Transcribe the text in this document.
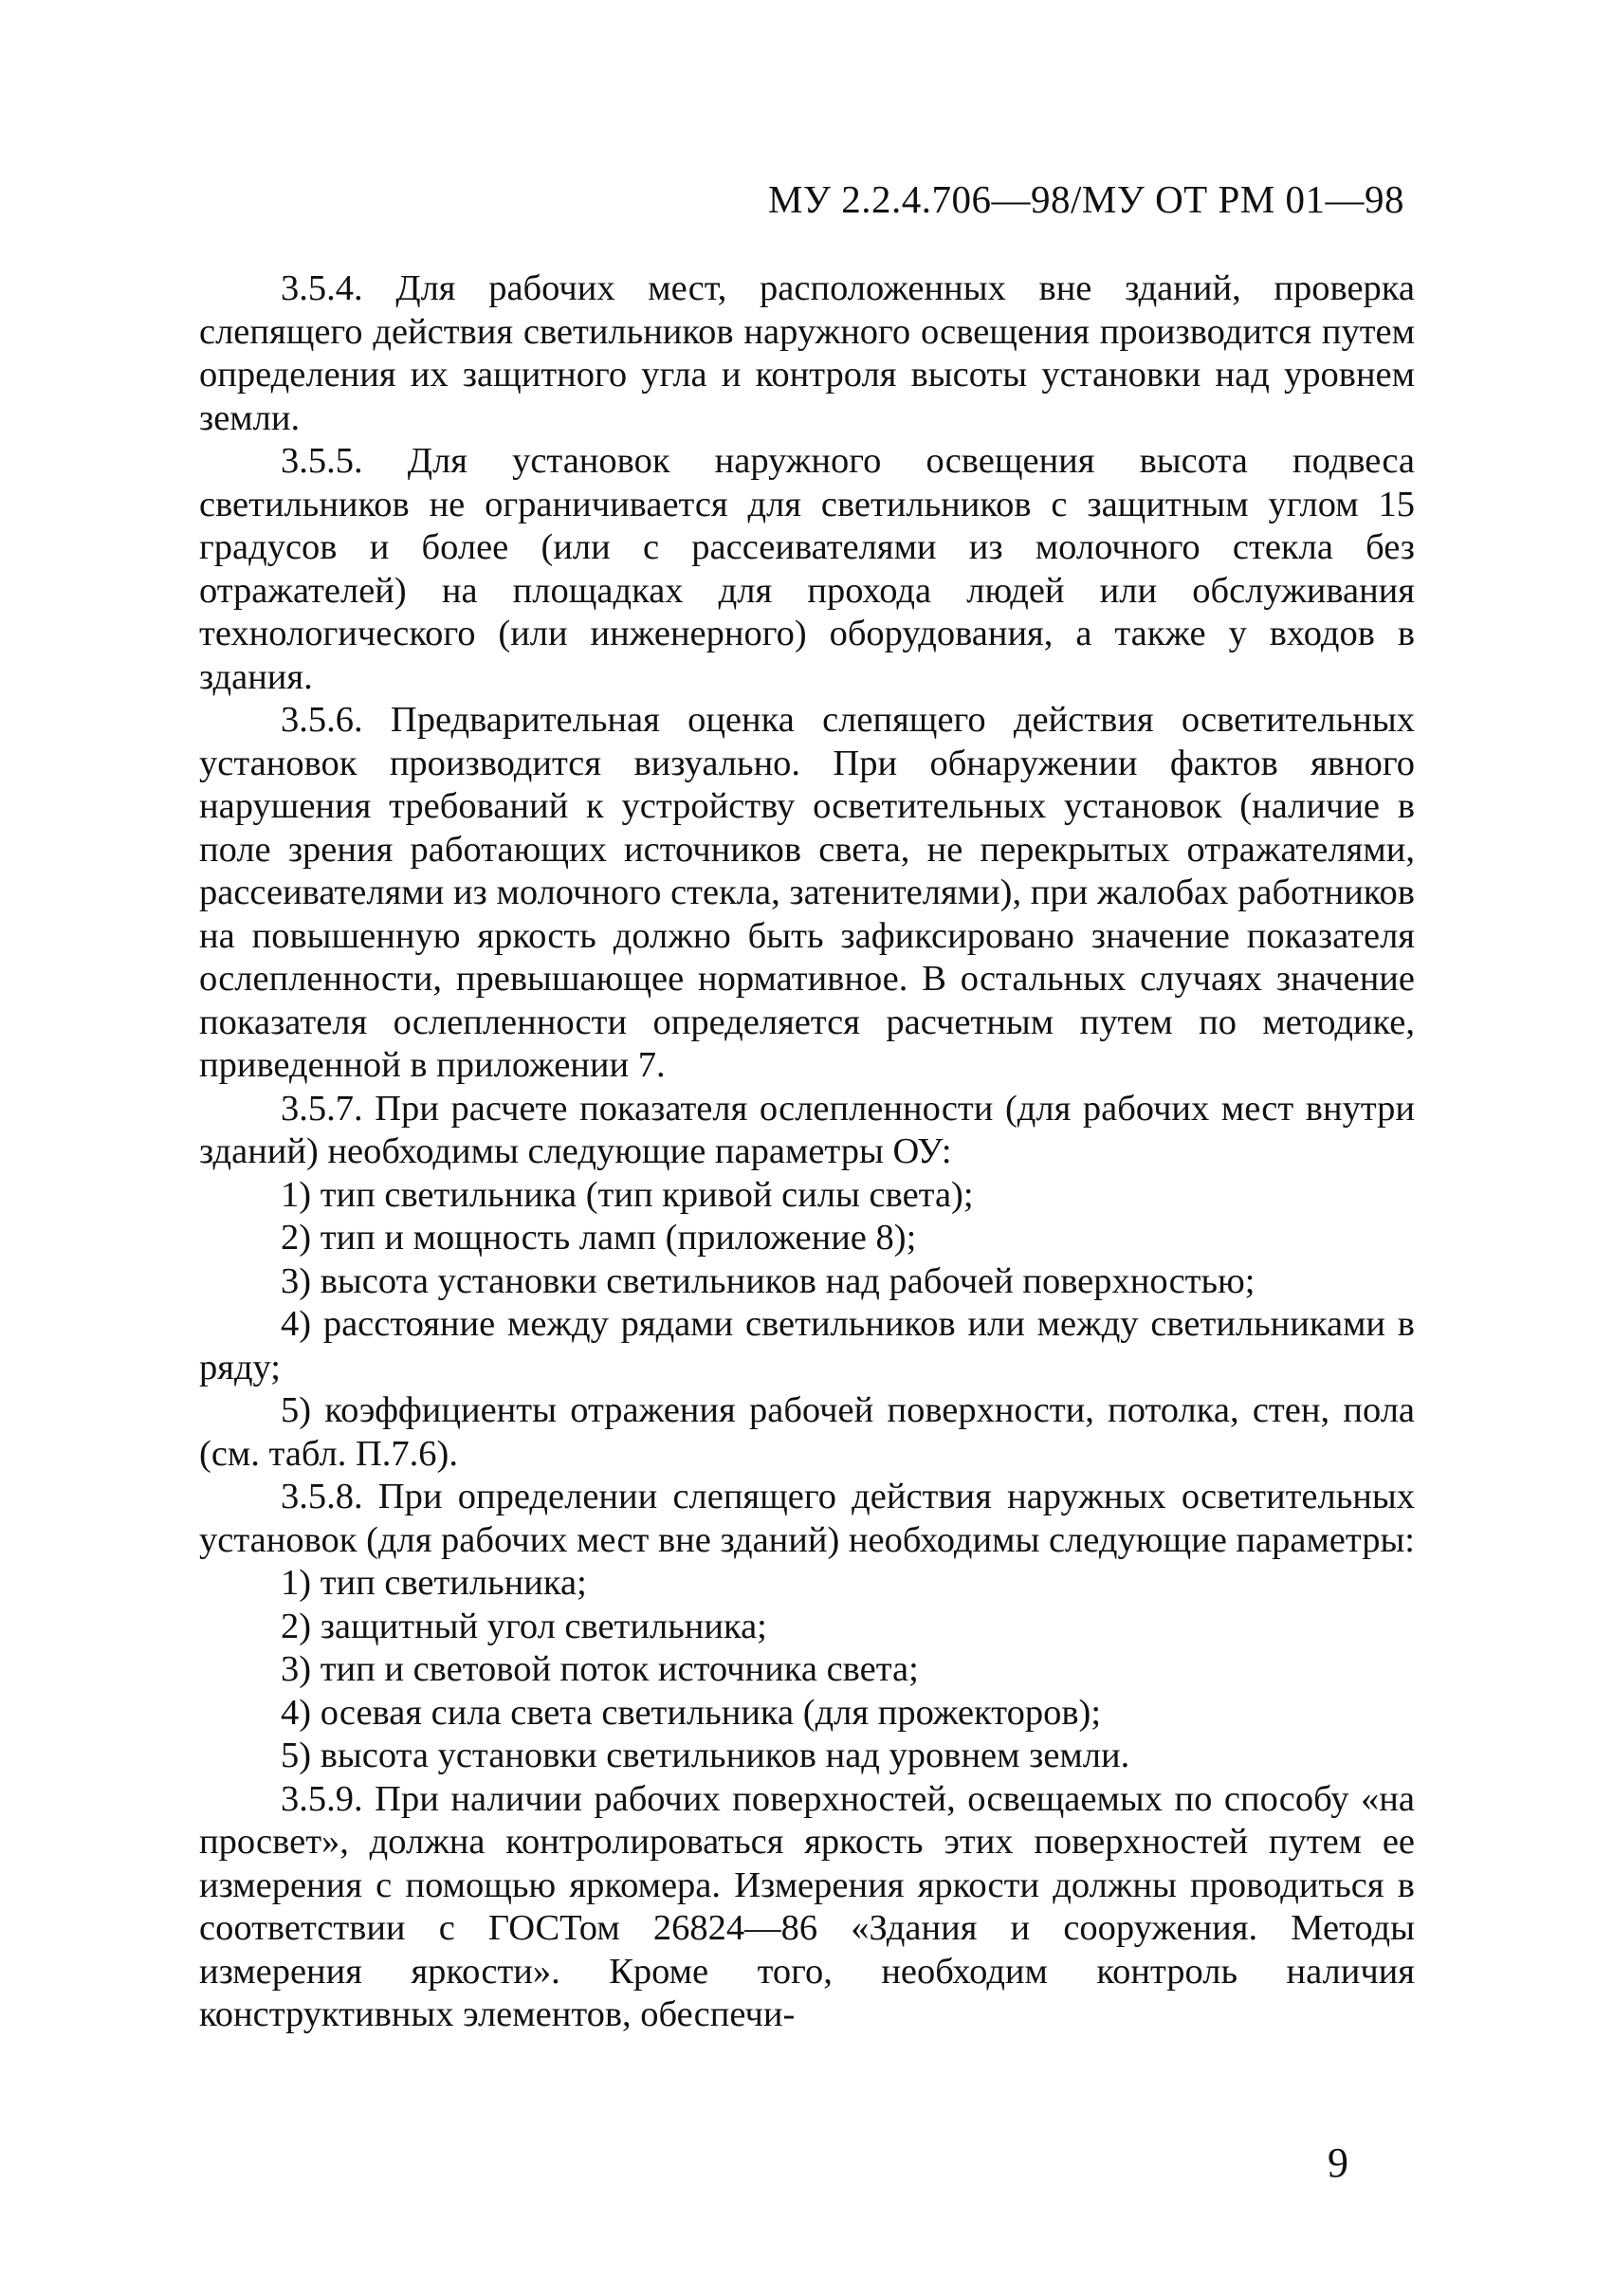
МУ 2.2.4.706—98/МУ ОТ РМ 01—98

3.5.4. Для рабочих мест, расположенных вне зданий, проверка слепящего действия светильников наружного освещения производится путем определения их защитного угла и контроля высоты установки над уровнем земли.

3.5.5. Для установок наружного освещения высота подвеса светильников не ограничивается для светильников с защитным углом 15 градусов и более (или с рассеивателями из молочного стекла без отражателей) на площадках для прохода людей или обслуживания технологического (или инженерного) оборудования, а также у входов в здания.

3.5.6. Предварительная оценка слепящего действия осветительных установок производится визуально. При обнаружении фактов явного нарушения требований к устройству осветительных установок (наличие в поле зрения работающих источников света, не перекрытых отражателями, рассеивателями из молочного стекла, затенителями), при жалобах работников на повышенную яркость должно быть зафиксировано значение показателя ослепленности, превышающее нормативное. В остальных случаях значение показателя ослепленности определяется расчетным путем по методике, приведенной в приложении 7.

3.5.7. При расчете показателя ослепленности (для рабочих мест внутри зданий) необходимы следующие параметры ОУ:

1) тип светильника (тип кривой силы света);

2) тип и мощность ламп (приложение 8);

3) высота установки светильников над рабочей поверхностью;

4) расстояние между рядами светильников или между светильниками в ряду;

5) коэффициенты отражения рабочей поверхности, потолка, стен, пола (см. табл. П.7.6).

3.5.8. При определении слепящего действия наружных осветительных установок (для рабочих мест вне зданий) необходимы следующие параметры:

1) тип светильника;

2) защитный угол светильника;

3) тип и световой поток источника света;

4) осевая сила света светильника (для прожекторов);

5) высота установки светильников над уровнем земли.

3.5.9. При наличии рабочих поверхностей, освещаемых по способу «на просвет», должна контролироваться яркость этих поверхностей путем ее измерения с помощью яркомера. Измерения яркости должны проводиться в соответствии с ГОСТом 26824—86 «Здания и сооружения. Методы измерения яркости». Кроме того, необходим контроль наличия конструктивных элементов, обеспечи-

9
